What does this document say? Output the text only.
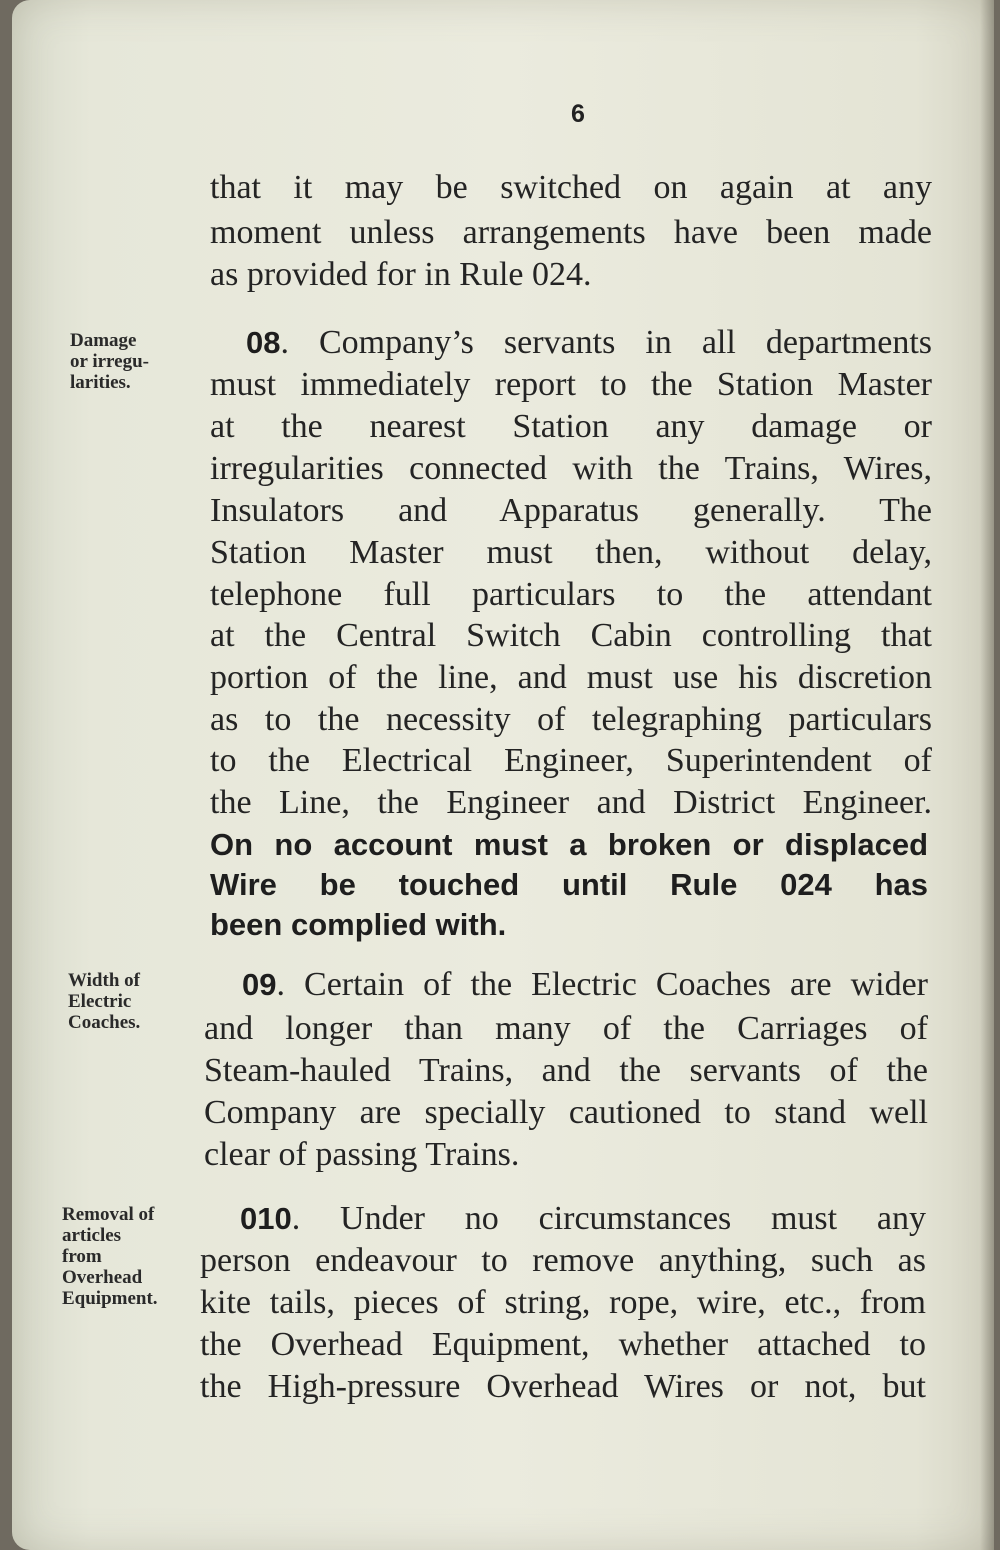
6
that it may be switched on again at any
moment unless arrangements have been made
as provided for in Rule 024.
Damage
or irregu-
larities.
08. Company’s servants in all departments
must immediately report to the Station Master
at the nearest Station any damage or
irregularities connected with the Trains, Wires,
Insulators and Apparatus generally. The
Station Master must then, without delay,
telephone full particulars to the attendant
at the Central Switch Cabin controlling that
portion of the line, and must use his discretion
as to the necessity of telegraphing particulars
to the Electrical Engineer, Superintendent of
the Line, the Engineer and District Engineer.
On no account must a broken or displaced
Wire be touched until Rule 024 has
been complied with.
Width of
Electric
Coaches.
09. Certain of the Electric Coaches are wider
and longer than many of the Carriages of
Steam-hauled Trains, and the servants of the
Company are specially cautioned to stand well
clear of passing Trains.
Removal of
articles
from
Overhead
Equipment.
010. Under no circumstances must any
person endeavour to remove anything, such as
kite tails, pieces of string, rope, wire, etc., from
the Overhead Equipment, whether attached to
the High-pressure Overhead Wires or not, but
